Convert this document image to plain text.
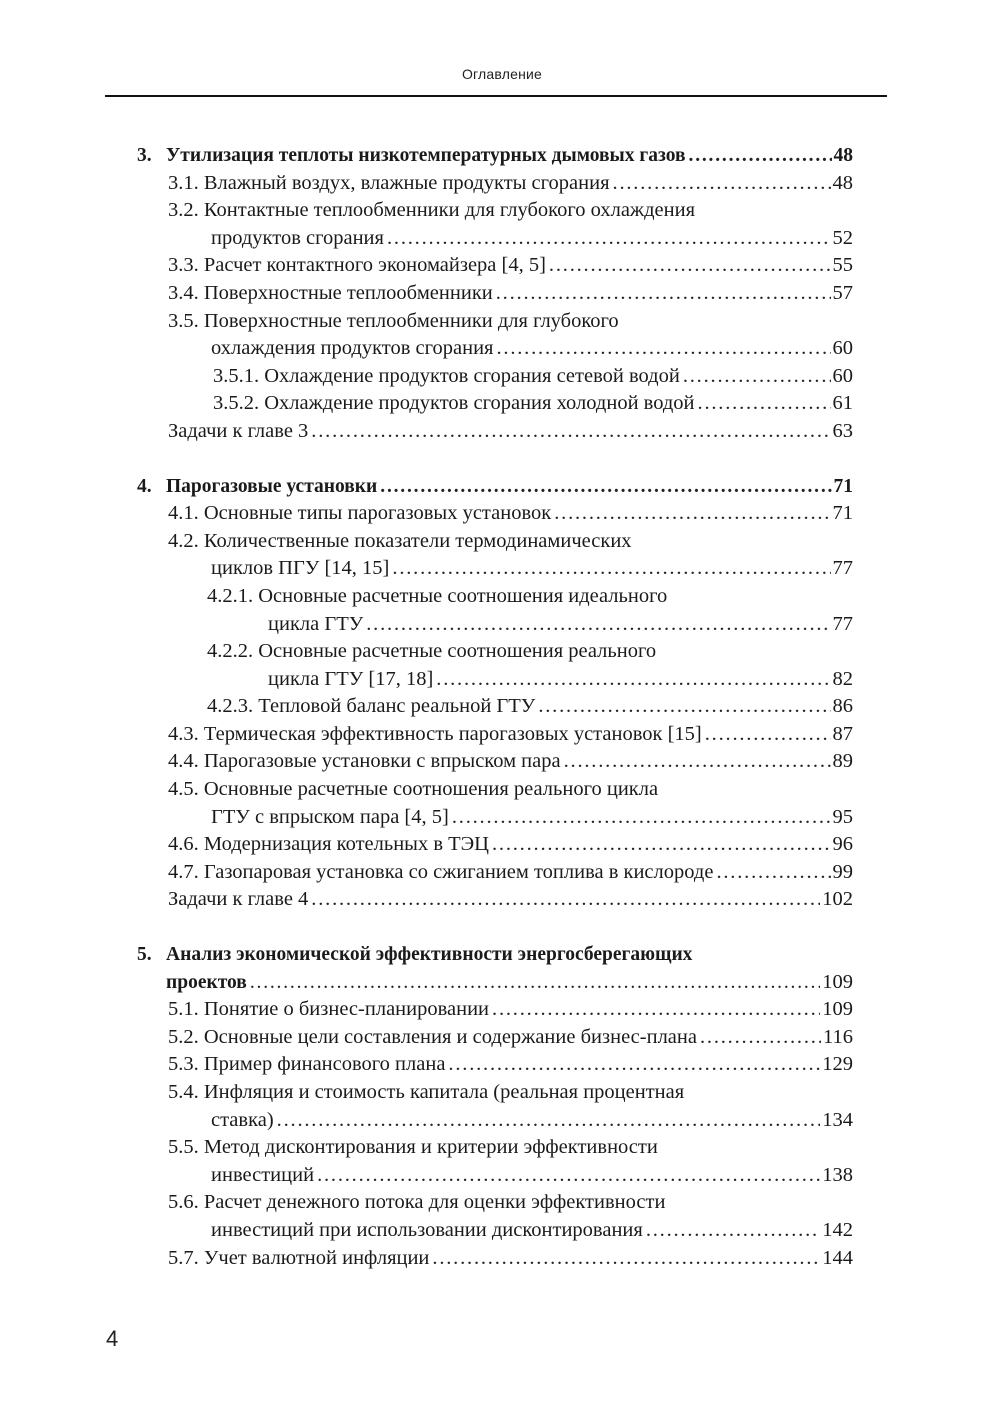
Оглавление
3. Утилизация теплоты низкотемпературных дымовых газов .....	48
3.1. Влажный воздух, влажные продукты сгорания .....	48
3.2. Контактные теплообменники для глубокого охлаждения
продуктов сгорания .....	52
3.3. Расчет контактного экономайзера [4, 5] .....	55
3.4. Поверхностные теплообменники .....	57
3.5. Поверхностные теплообменники для глубокого
охлаждения продуктов сгорания .....	60
3.5.1. Охлаждение продуктов сгорания сетевой водой .....	60
3.5.2. Охлаждение продуктов сгорания холодной водой .....	61
Задачи к главе 3 .....	63
4. Парогазовые установки .....	71
4.1. Основные типы парогазовых установок .....	71
4.2. Количественные показатели термодинамических
циклов ПГУ [14, 15] .....	77
4.2.1. Основные расчетные соотношения идеального
цикла ГТУ .....	77
4.2.2. Основные расчетные соотношения реального
цикла ГТУ [17, 18] .....	82
4.2.3. Тепловой баланс реальной ГТУ .....	86
4.3. Термическая эффективность парогазовых установок [15] .....	87
4.4. Парогазовые установки с впрыском пара .....	89
4.5. Основные расчетные соотношения реального цикла
ГТУ с впрыском пара [4, 5] .....	95
4.6. Модернизация котельных в ТЭЦ .....	96
4.7. Газопаровая установка со сжиганием топлива в кислороде .....	99
Задачи к главе 4 .....	102
5. Анализ экономической эффективности энергосберегающих
проектов .....	109
5.1. Понятие о бизнес-планировании .....	109
5.2. Основные цели составления и содержание бизнес-плана .....	116
5.3. Пример финансового плана .....	129
5.4. Инфляция и стоимость капитала (реальная процентная
ставка) .....	134
5.5. Метод дисконтирования и критерии эффективности
инвестиций .....	138
5.6. Расчет денежного потока для оценки эффективности
инвестиций при использовании дисконтирования .....	142
5.7. Учет валютной инфляции .....	144
4
